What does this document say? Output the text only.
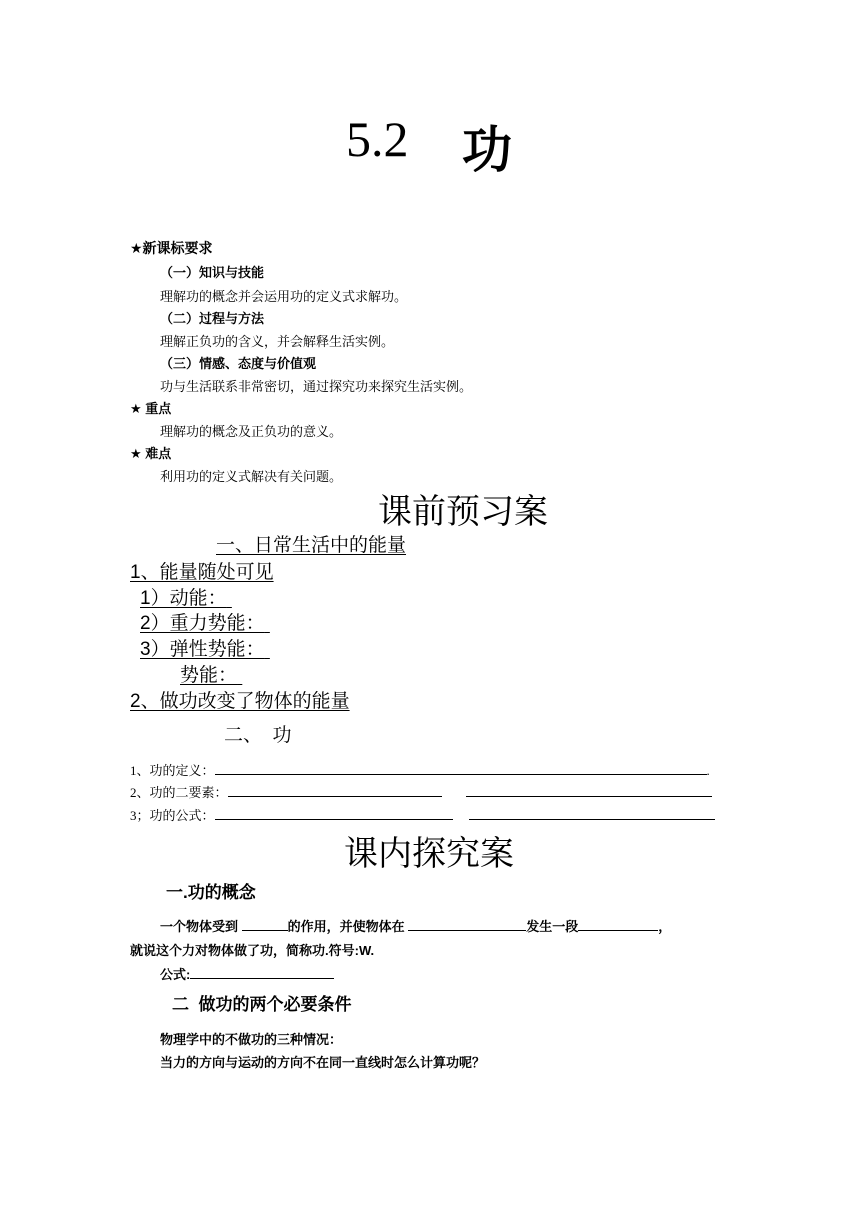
5.2 功
★新课标要求
（一）知识与技能
理解功的概念并会运用功的定义式求解功。
（二）过程与方法
理解正负功的含义，并会解释生活实例。
（三）情感、态度与价值观
功与生活联系非常密切，通过探究功来探究生活实例。
★ 重点
理解功的概念及正负功的意义。
★ 难点
利用功的定义式解决有关问题。
课前预习案
一、日常生活中的能量
1、能量随处可见
1）动能：
2）重力势能：
3）弹性势能：
势能：
2、做功改变了物体的能量
二、  功
1、功的定义：	.
2、功的二要素：
3；功的公式：
课内探究案
一.功的概念
一个物体受到	的作用，并使物体在	发生一段	，
就说这个力对物体做了功，简称功.符号:W.
公式:
二  做功的两个必要条件
物理学中的不做功的三种情况：
当力的方向与运动的方向不在同一直线时怎么计算功呢？
